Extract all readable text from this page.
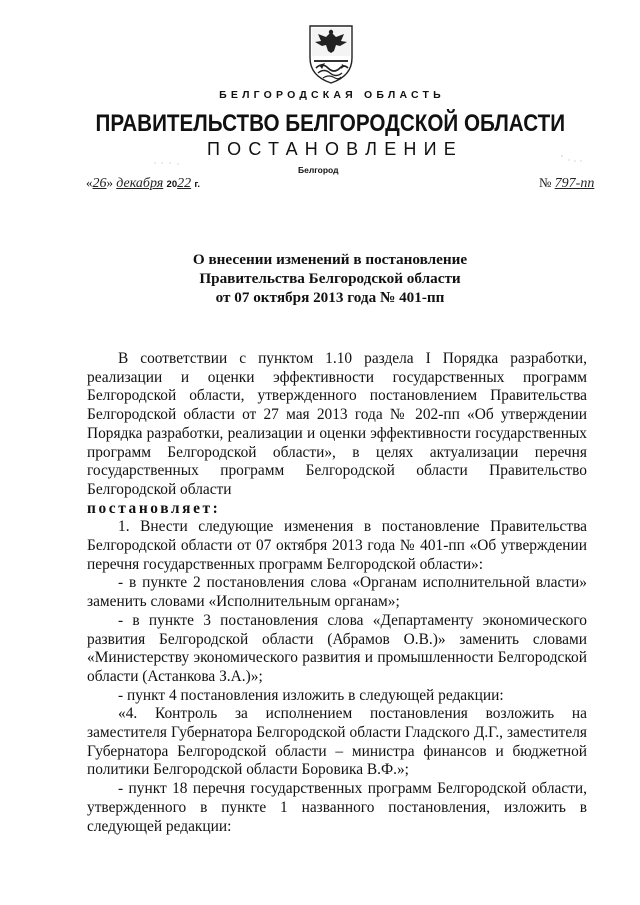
БЕЛГОРОДСКАЯ ОБЛАСТЬ
ПРАВИТЕЛЬСТВО БЕЛГОРОДСКОЙ ОБЛАСТИ
ПОСТАНОВЛЕНИЕ
Белгород
«26» декабря 2022 г.	№ 797-пп
О внесении изменений в постановление
Правительства Белгородской области
от 07 октября 2013 года № 401-пп

В соответствии с пунктом 1.10 раздела I Порядка разработки, реализации и оценки эффективности государственных программ Белгородской области, утвержденного постановлением Правительства Белгородской области от 27 мая 2013 года № 202-пп «Об утверждении Порядка разработки, реализации и оценки эффективности государственных программ Белгородской области», в целях актуализации перечня государственных программ Белгородской области Правительство Белгородской области

постановляет:

1. Внести следующие изменения в постановление Правительства Белгородской области от 07 октября 2013 года № 401-пп «Об утверждении перечня государственных программ Белгородской области»:

- в пункте 2 постановления слова «Органам исполнительной власти» заменить словами «Исполнительным органам»;

- в пункте 3 постановления слова «Департаменту экономического развития Белгородской области (Абрамов О.В.)» заменить словами «Министерству экономического развития и промышленности Белгородской области (Астанкова З.А.)»;

- пункт 4 постановления изложить в следующей редакции:

«4. Контроль за исполнением постановления возложить на заместителя Губернатора Белгородской области Гладского Д.Г., заместителя Губернатора Белгородской области – министра финансов и бюджетной политики Белгородской области Боровика В.Ф.»;

- пункт 18 перечня государственных программ Белгородской области, утвержденного в пункте 1 названного постановления, изложить в следующей редакции:
